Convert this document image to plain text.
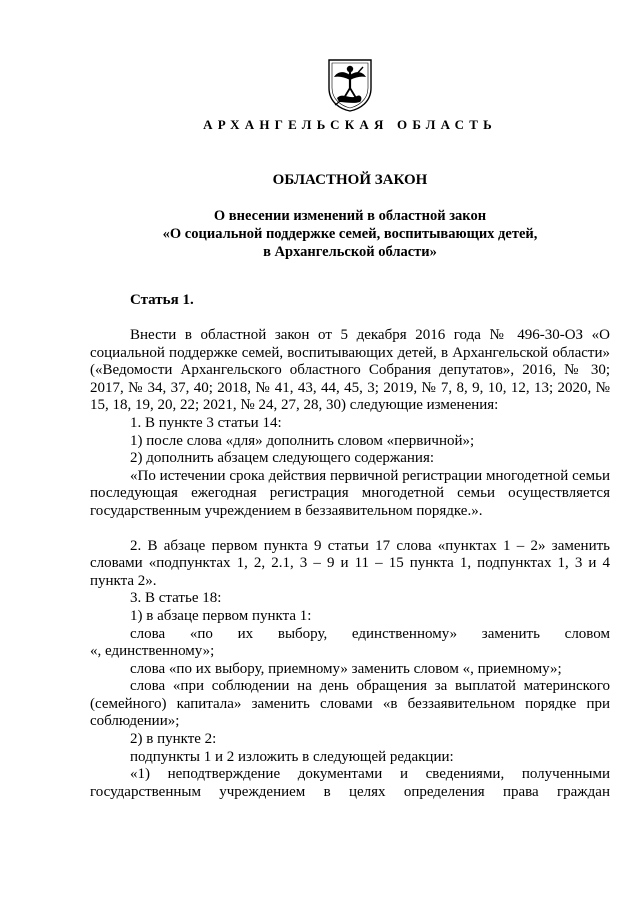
АРХАНГЕЛЬСКАЯ ОБЛАСТЬ
ОБЛАСТНОЙ ЗАКОН
О внесении изменений в областной закон
«О социальной поддержке семей, воспитывающих детей,
в Архангельской области»
Статья 1.

Внести в областной закон от 5 декабря 2016 года № 496-30-ОЗ «О социальной поддержке семей, воспитывающих детей, в Архангельской области» («Ведомости Архангельского областного Собрания депутатов», 2016, № 30; 2017, № 34, 37, 40; 2018, № 41, 43, 44, 45, 3; 2019, № 7, 8, 9, 10, 12, 13; 2020, № 15, 18, 19, 20, 22; 2021, № 24, 27, 28, 30) следующие изменения:

1. В пункте 3 статьи 14:

1) после слова «для» дополнить словом «первичной»;

2) дополнить абзацем следующего содержания:

«По истечении срока действия первичной регистрации многодетной семьи последующая ежегодная регистрация многодетной семьи осуществляется государственным учреждением в беззаявительном порядке.».

2. В абзаце первом пункта 9 статьи 17 слова «пунктах 1 – 2» заменить словами «подпунктах 1, 2, 2.1, 3 – 9 и 11 – 15 пункта 1, подпунктах 1, 3 и 4 пункта 2».

3. В статье 18:

1) в абзаце первом пункта 1:

слова «по их выбору, единственному» заменить словом

«, единственному»;

слова «по их выбору, приемному» заменить словом «, приемному»;

слова «при соблюдении на день обращения за выплатой материнского (семейного) капитала» заменить словами «в беззаявительном порядке при соблюдении»;

2) в пункте 2:

подпункты 1 и 2 изложить в следующей редакции:

«1) неподтверждение документами и сведениями, полученными

государственным учреждением в целях определения права граждан
